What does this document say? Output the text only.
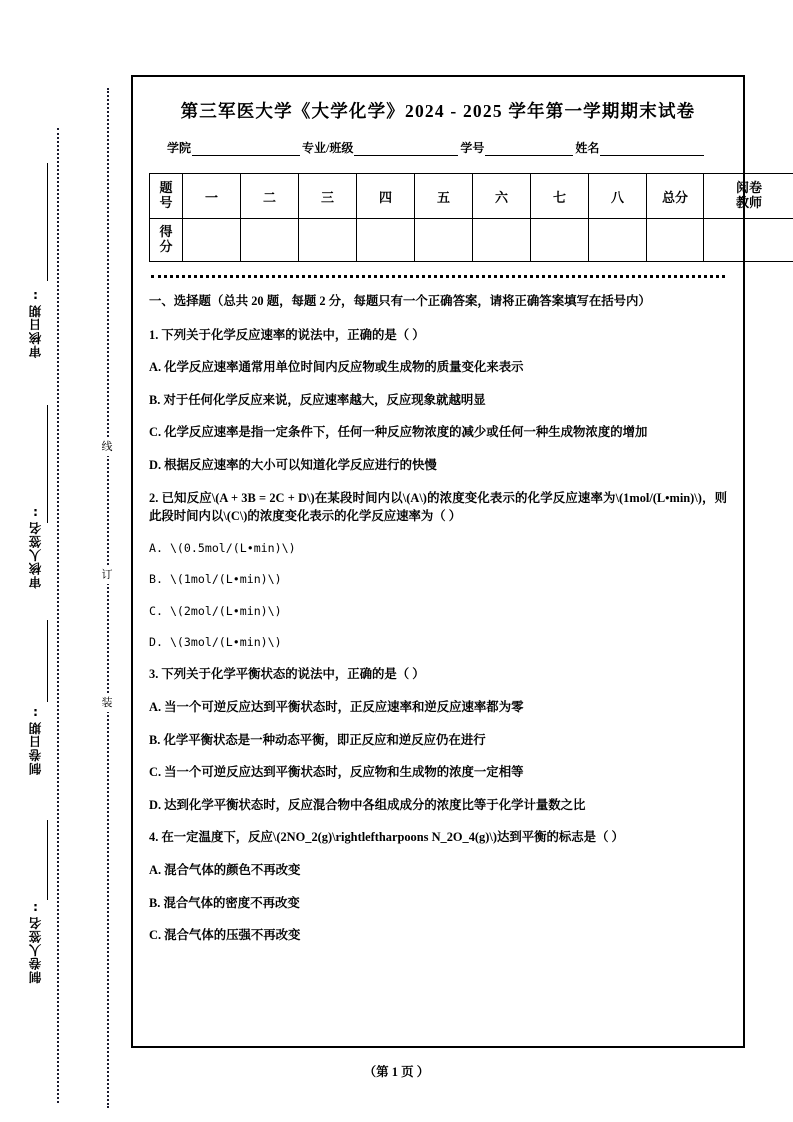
审核日期:
审核人签名:
制卷日期:
制卷人签名:
线
订
装
第三军医大学《大学化学》2024 - 2025 学年第一学期期末试卷
学院	专业/班级	学号	姓名
题
号	一	二	三	四	五	六	七	八	总分	阅卷
教师

得
分										

一、选择题（总共 20 题，每题 2 分，每题只有一个正确答案，请将正确答案填写在括号内）

1. 下列关于化学反应速率的说法中，正确的是（ ）

A. 化学反应速率通常用单位时间内反应物或生成物的质量变化来表示

B. 对于任何化学反应来说，反应速率越大，反应现象就越明显

C. 化学反应速率是指一定条件下，任何一种反应物浓度的减少或任何一种生成物浓度的增加

D. 根据反应速率的大小可以知道化学反应进行的快慢

2. 已知反应\(A + 3B = 2C + D\)在某段时间内以\(A\)的浓度变化表示的化学反应速率为\(1mol/(L•min)\)，则此段时间内以\(C\)的浓度变化表示的化学反应速率为（ ）

A. \(0.5mol/(L•min)\)

B. \(1mol/(L•min)\)

C. \(2mol/(L•min)\)

D. \(3mol/(L•min)\)

3. 下列关于化学平衡状态的说法中，正确的是（ ）

A. 当一个可逆反应达到平衡状态时，正反应速率和逆反应速率都为零

B. 化学平衡状态是一种动态平衡，即正反应和逆反应仍在进行

C. 当一个可逆反应达到平衡状态时，反应物和生成物的浓度一定相等

D. 达到化学平衡状态时，反应混合物中各组成成分的浓度比等于化学计量数之比

4. 在一定温度下，反应\(2NO_2(g)\rightleftharpoons N_2O_4(g)\)达到平衡的标志是（ ）

A. 混合气体的颜色不再改变

B. 混合气体的密度不再改变

C. 混合气体的压强不再改变

（第 1 页 ）
